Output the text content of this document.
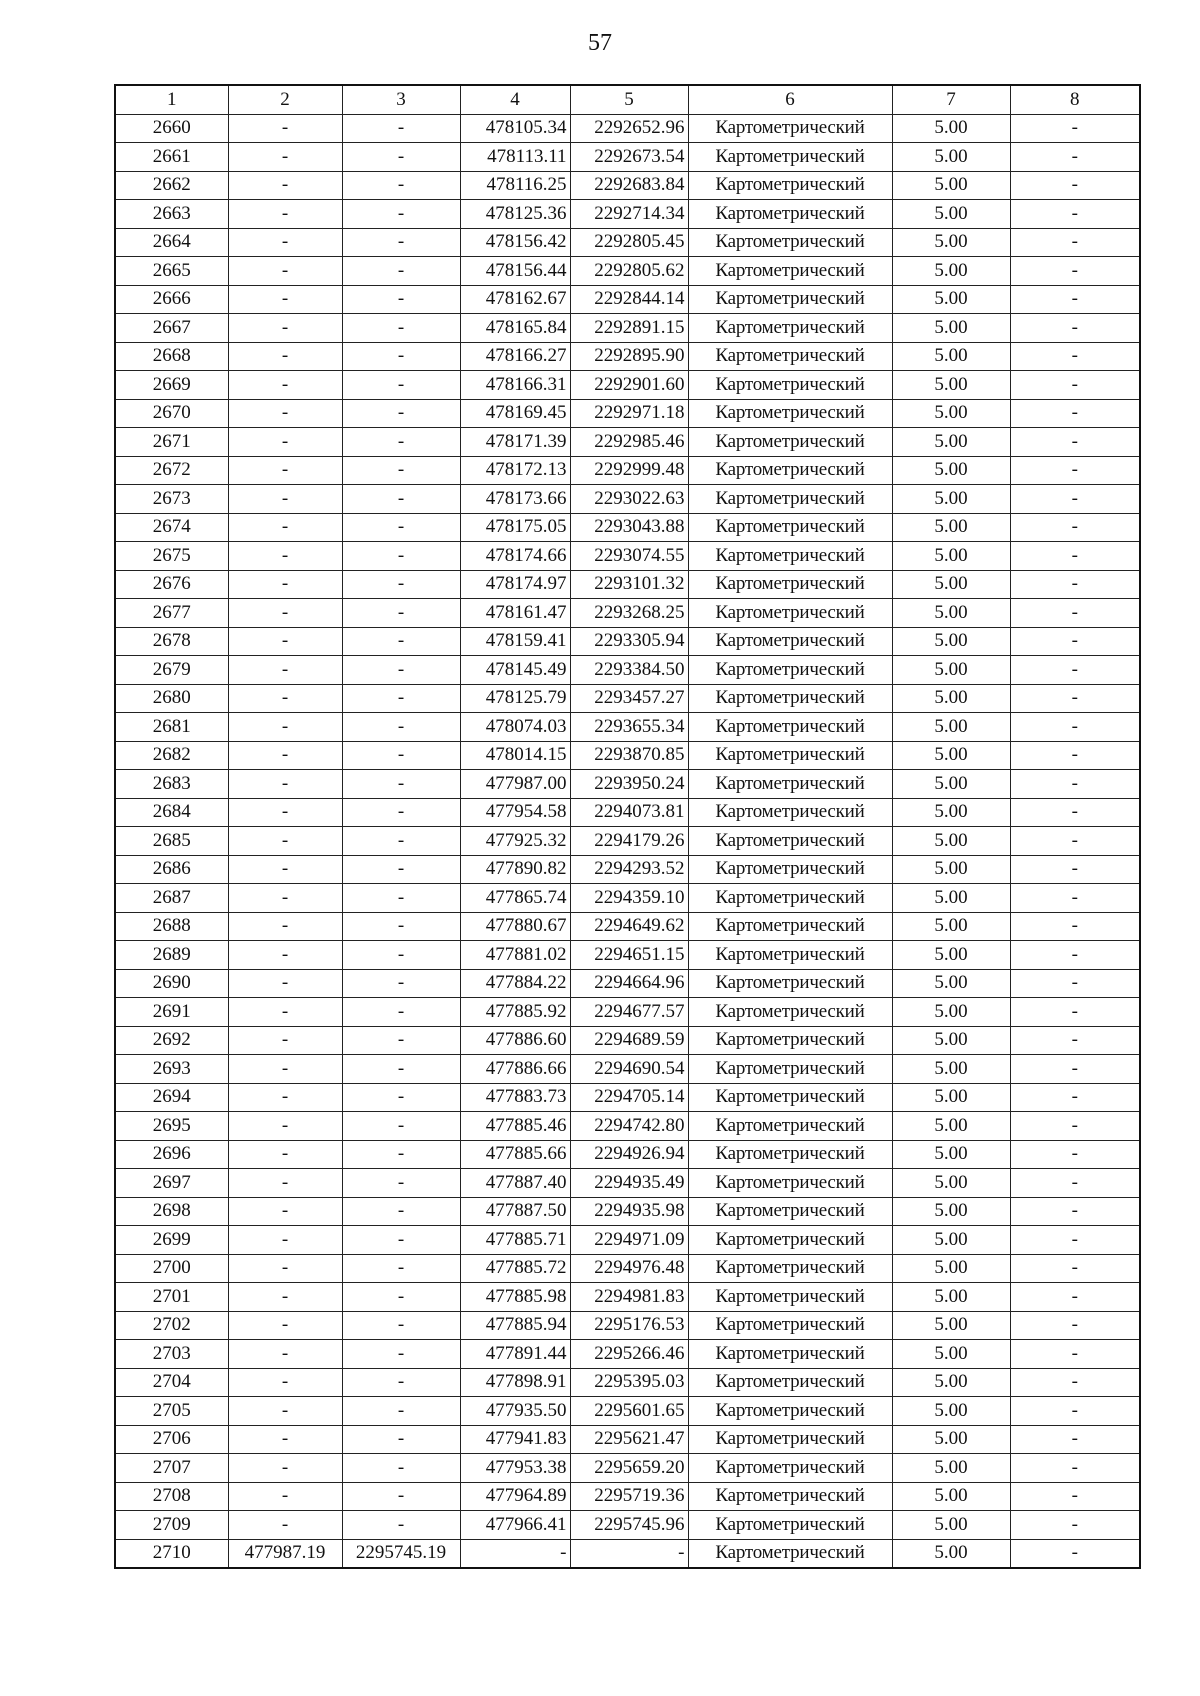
57
1	2	3	4	5	6	7	8
2660	-	-	478105.34	2292652.96	Картометрический	5.00	-
2661	-	-	478113.11	2292673.54	Картометрический	5.00	-
2662	-	-	478116.25	2292683.84	Картометрический	5.00	-
2663	-	-	478125.36	2292714.34	Картометрический	5.00	-
2664	-	-	478156.42	2292805.45	Картометрический	5.00	-
2665	-	-	478156.44	2292805.62	Картометрический	5.00	-
2666	-	-	478162.67	2292844.14	Картометрический	5.00	-
2667	-	-	478165.84	2292891.15	Картометрический	5.00	-
2668	-	-	478166.27	2292895.90	Картометрический	5.00	-
2669	-	-	478166.31	2292901.60	Картометрический	5.00	-
2670	-	-	478169.45	2292971.18	Картометрический	5.00	-
2671	-	-	478171.39	2292985.46	Картометрический	5.00	-
2672	-	-	478172.13	2292999.48	Картометрический	5.00	-
2673	-	-	478173.66	2293022.63	Картометрический	5.00	-
2674	-	-	478175.05	2293043.88	Картометрический	5.00	-
2675	-	-	478174.66	2293074.55	Картометрический	5.00	-
2676	-	-	478174.97	2293101.32	Картометрический	5.00	-
2677	-	-	478161.47	2293268.25	Картометрический	5.00	-
2678	-	-	478159.41	2293305.94	Картометрический	5.00	-
2679	-	-	478145.49	2293384.50	Картометрический	5.00	-
2680	-	-	478125.79	2293457.27	Картометрический	5.00	-
2681	-	-	478074.03	2293655.34	Картометрический	5.00	-
2682	-	-	478014.15	2293870.85	Картометрический	5.00	-
2683	-	-	477987.00	2293950.24	Картометрический	5.00	-
2684	-	-	477954.58	2294073.81	Картометрический	5.00	-
2685	-	-	477925.32	2294179.26	Картометрический	5.00	-
2686	-	-	477890.82	2294293.52	Картометрический	5.00	-
2687	-	-	477865.74	2294359.10	Картометрический	5.00	-
2688	-	-	477880.67	2294649.62	Картометрический	5.00	-
2689	-	-	477881.02	2294651.15	Картометрический	5.00	-
2690	-	-	477884.22	2294664.96	Картометрический	5.00	-
2691	-	-	477885.92	2294677.57	Картометрический	5.00	-
2692	-	-	477886.60	2294689.59	Картометрический	5.00	-
2693	-	-	477886.66	2294690.54	Картометрический	5.00	-
2694	-	-	477883.73	2294705.14	Картометрический	5.00	-
2695	-	-	477885.46	2294742.80	Картометрический	5.00	-
2696	-	-	477885.66	2294926.94	Картометрический	5.00	-
2697	-	-	477887.40	2294935.49	Картометрический	5.00	-
2698	-	-	477887.50	2294935.98	Картометрический	5.00	-
2699	-	-	477885.71	2294971.09	Картометрический	5.00	-
2700	-	-	477885.72	2294976.48	Картометрический	5.00	-
2701	-	-	477885.98	2294981.83	Картометрический	5.00	-
2702	-	-	477885.94	2295176.53	Картометрический	5.00	-
2703	-	-	477891.44	2295266.46	Картометрический	5.00	-
2704	-	-	477898.91	2295395.03	Картометрический	5.00	-
2705	-	-	477935.50	2295601.65	Картометрический	5.00	-
2706	-	-	477941.83	2295621.47	Картометрический	5.00	-
2707	-	-	477953.38	2295659.20	Картометрический	5.00	-
2708	-	-	477964.89	2295719.36	Картометрический	5.00	-
2709	-	-	477966.41	2295745.96	Картометрический	5.00	-
2710	477987.19	2295745.19	-	-	Картометрический	5.00	-
